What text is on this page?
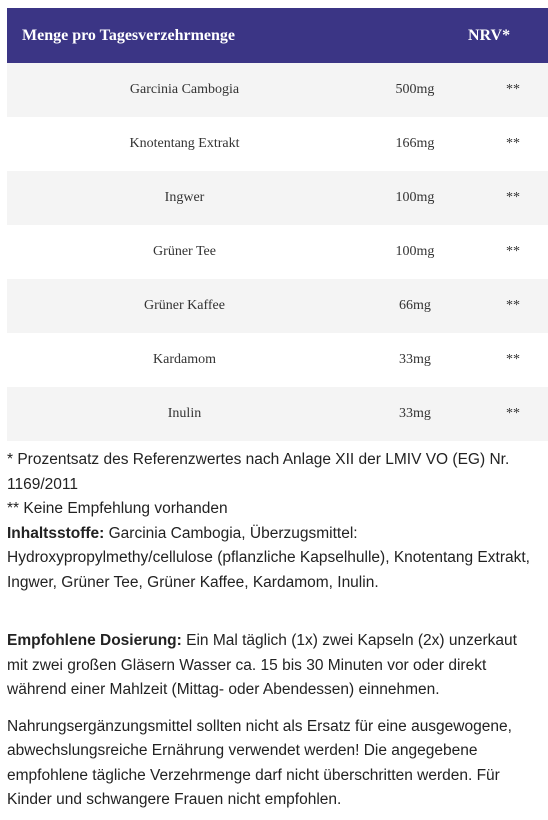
Menge pro Tagesverzehrmenge		NRV*
Garcinia Cambogia	500mg	**
Knotentang Extrakt	166mg	**
Ingwer	100mg	**
Grüner Tee	100mg	**
Grüner Kaffee	66mg	**
Kardamom	33mg	**
Inulin	33mg	**

* Prozentsatz des Referenzwertes nach Anlage XII der LMIV VO (EG) Nr. 1169/2011

** Keine Empfehlung vorhanden

Inhaltsstoffe: Garcinia Cambogia, Überzugsmittel: Hydroxypropylmethy/cellulose (pflanzliche Kapselhulle), Knotentang Extrakt, Ingwer, Grüner Tee, Grüner Kaffee, Kardamom, Inulin.

Empfohlene Dosierung: Ein Mal täglich (1x) zwei Kapseln (2x) unzerkaut mit zwei großen Gläsern Wasser ca. 15 bis 30 Minuten vor oder direkt während einer Mahlzeit (Mittag- oder Abendessen) einnehmen.

Nahrungsergänzungsmittel sollten nicht als Ersatz für eine ausgewogene, abwechslungsreiche Ernährung verwendet werden! Die angegebene empfohlene tägliche Verzehrmenge darf nicht überschritten werden. Für Kinder und schwangere Frauen nicht empfohlen.
